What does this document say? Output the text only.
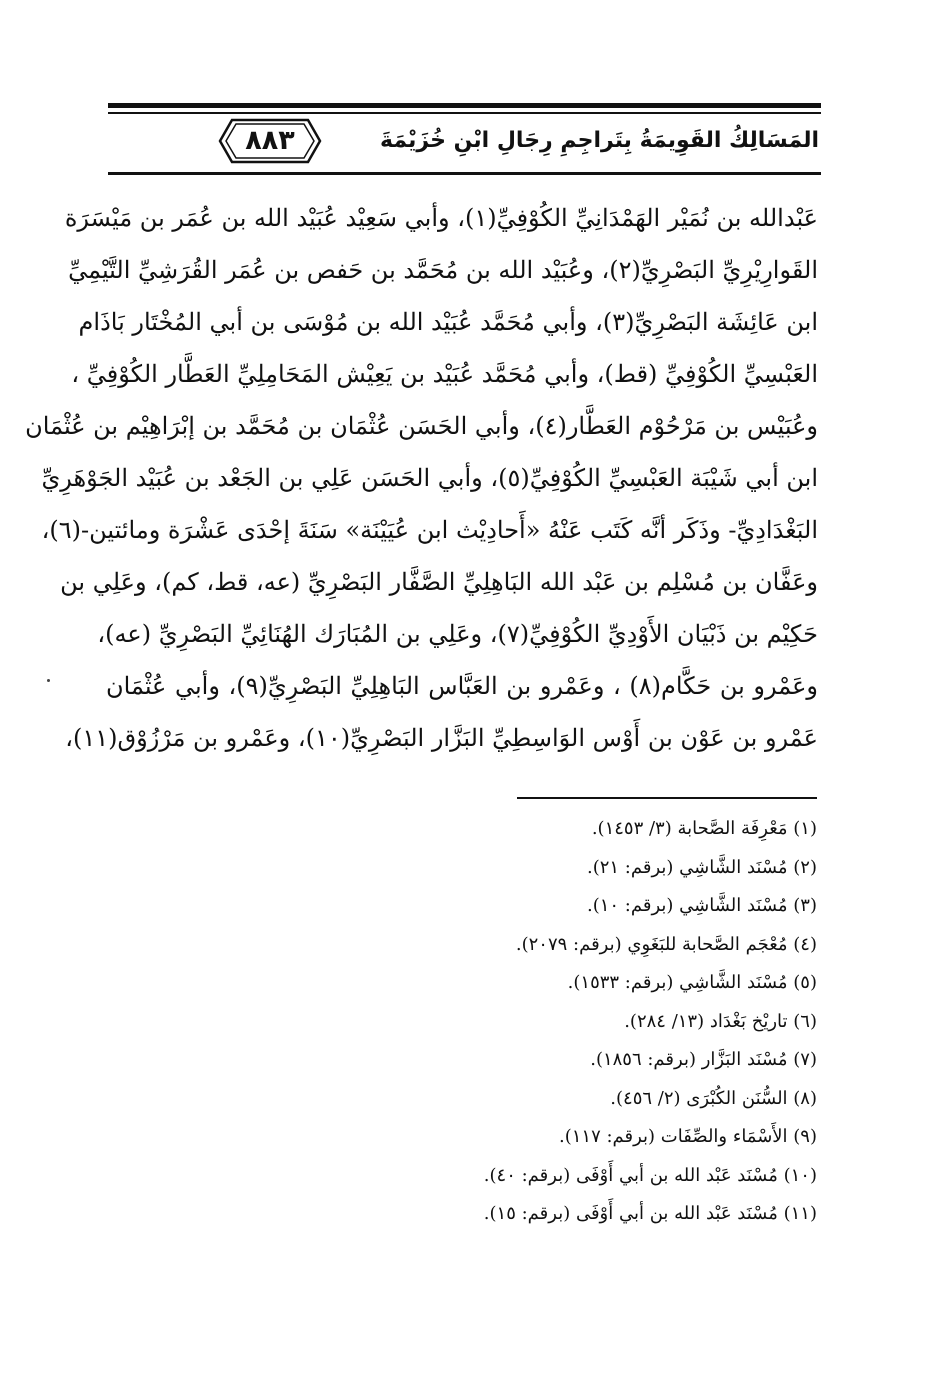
٨٨٣	المَسَالِكُ القَوِيمَةُ بِتَراجِمِ رِجَالِ ابْنِ خُزَيْمَةَ
عَبْدالله بن نُمَيْر الهَمْدَانِيِّ الكُوْفِيِّ(١)، وأبي سَعِيْد عُبَيْد الله بن عُمَر بن مَيْسَرَة
القَوارِيْرِيِّ البَصْرِيِّ(٢)، وعُبَيْد الله بن مُحَمَّد بن حَفص بن عُمَر القُرَشِيِّ التَّيْمِيِّ
ابن عَائِشَة البَصْرِيِّ(٣)، وأبي مُحَمَّد عُبَيْد الله بن مُوْسَى بن أبي المُخْتَار بَاذَام
العَبْسِيِّ الكُوْفِيِّ (قط)، وأبي مُحَمَّد عُبَيْد بن يَعِيْش المَحَامِلِيِّ العَطَّار الكُوْفِيِّ ،
وعُبَيْس بن مَرْحُوْم العَطَّار(٤)، وأبي الحَسَن عُثْمَان بن مُحَمَّد بن إبْرَاهِيْم بن عُثْمَان
ابن أبي شَيْبَة العَبْسِيِّ الكُوْفِيِّ(٥)، وأبي الحَسَن عَلِي بن الجَعْد بن عُبَيْد الجَوْهَرِيِّ
البَغْدَادِيِّ- وذَكَر أنَّه كَتَب عَنْهُ «أَحادِيْث ابن عُيَيْنَة» سَنَةَ إحْدَى عَشْرَة ومائتين-(٦)،
وعَفَّان بن مُسْلِم بن عَبْد الله البَاهِلِيِّ الصَّفَّار البَصْرِيِّ (عه، قط، كم)، وعَلِي بن
حَكِيْم بن ذَبْيَان الأَوْدِيِّ الكُوْفِيِّ(٧)، وعَلِي بن المُبَارَك الهُنَائِيِّ البَصْرِيِّ (عه)،
وعَمْرو بن حَكَّام(٨) ، وعَمْرو بن العَبَّاس البَاهِلِيِّ البَصْرِيِّ(٩)، وأبي عُثْمَان
عَمْرو بن عَوْن بن أَوْس الوَاسِطِيِّ البَزَّار البَصْرِيِّ(١٠)، وعَمْرو بن مَرْزُوْق(١١)،
(١) مَعْرِفَة الصَّحابة (٣/ ١٤٥٣).
(٢) مُسْنَد الشَّاشِي (برقم: ٢١).
(٣) مُسْنَد الشَّاشِي (برقم: ١٠).
(٤) مُعْجَم الصَّحابة للبَغَوِي (برقم: ٢٠٧٩).
(٥) مُسْنَد الشَّاشِي (برقم: ١٥٣٣).
(٦) تاريْخ بَغْدَاد (١٣/ ٢٨٤).
(٧) مُسْنَد البَزَّار (برقم: ١٨٥٦).
(٨) السُّنَن الكُبْرَى (٢/ ٤٥٦).
(٩) الأَسْمَاء والصِّفَات (برقم: ١١٧).
(١٠) مُسْنَد عَبْد الله بن أبي أَوْفَى (برقم: ٤٠).
(١١) مُسْنَد عَبْد الله بن أبي أَوْفَى (برقم: ١٥).
